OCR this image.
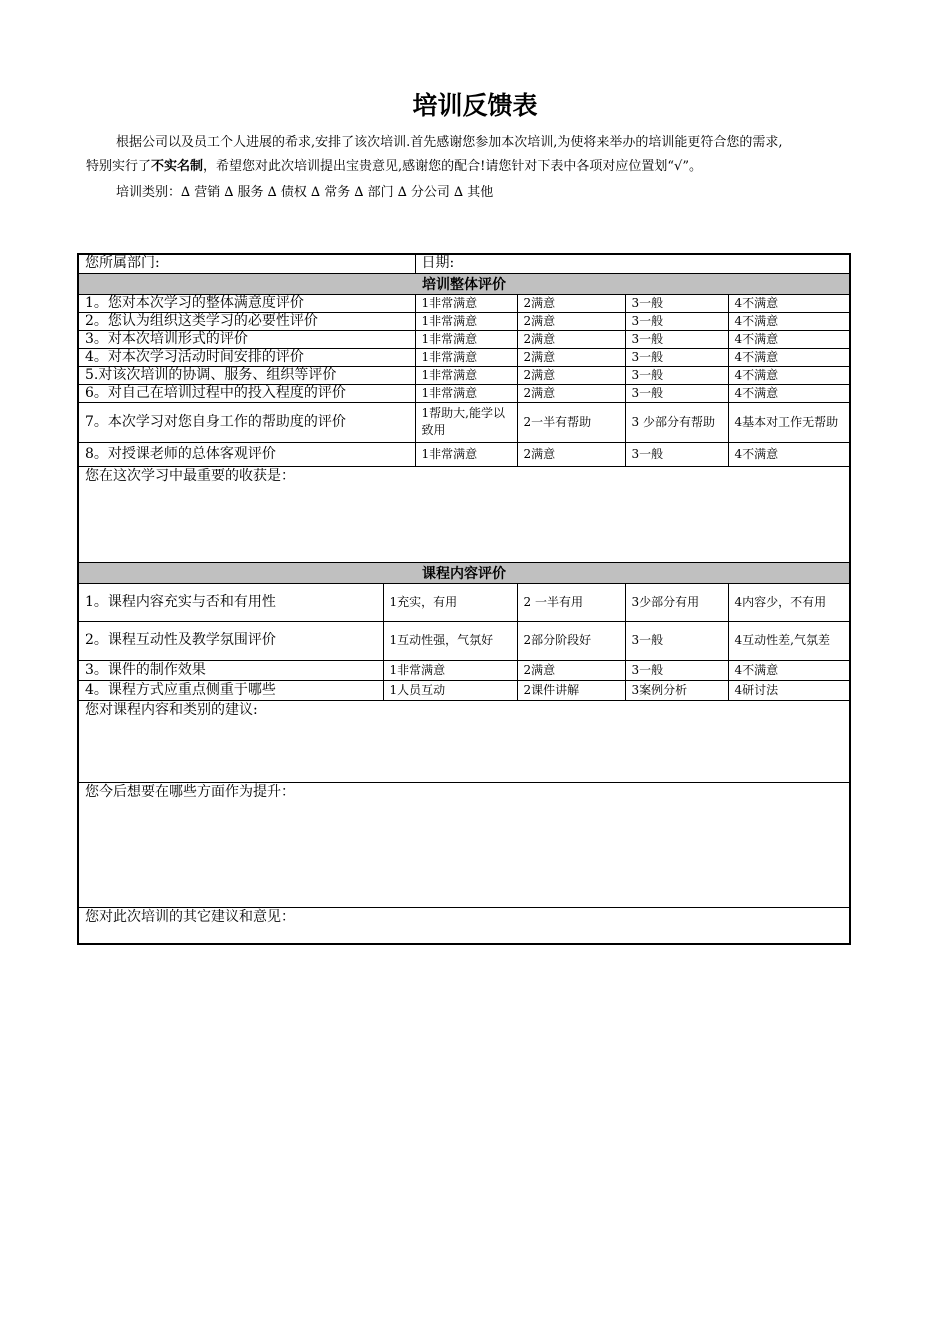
培训反馈表

根据公司以及员工个人进展的希求,安排了该次培训.首先感谢您参加本次培训,为使将来举办的培训能更符合您的需求,

特别实行了不实名制，希望您对此次培训提出宝贵意见,感谢您的配合!请您针对下表中各项对应位置划“√”。

培训类别：∆ 营销 ∆ 服务 ∆ 债权 ∆ 常务 ∆ 部门 ∆ 分公司 ∆ 其他
您所属部门:		日期:			
培训整体评价					
1。您对本次学习的整体满意度评价		1非常满意	2满意	3一般	4不满意
2。您认为组织这类学习的必要性评价		1非常满意	2满意	3一般	4不满意
3。对本次培训形式的评价		1非常满意	2满意	3一般	4不满意
4。对本次学习活动时间安排的评价		1非常满意	2满意	3一般	4不满意
5.对该次培训的协调、服务、组织等评价		1非常满意	2满意	3一般	4不满意
6。对自己在培训过程中的投入程度的评价		1非常满意	2满意	3一般	4不满意
7。本次学习对您自身工作的帮助度的评价		1帮助大,能学以致用	2一半有帮助	3 少部分有帮助	4基本对工作无帮助
8。对授课老师的总体客观评价		1非常满意	2满意	3一般	4不满意
您在这次学习中最重要的收获是：					
课程内容评价					
1。课程内容充实与否和有用性	1充实，有用		2 一半有用	3少部分有用	4内容少，不有用
2。课程互动性及教学氛围评价	1互动性强，气氛好		2部分阶段好	3一般	4互动性差,气氛差
3。课件的制作效果	1非常满意		2满意	3一般	4不满意
4。课程方式应重点侧重于哪些	1人员互动		2课件讲解	3案例分析	4研讨法
您对课程内容和类别的建议:					
您今后想要在哪些方面作为提升：					
您对此次培训的其它建议和意见：					
